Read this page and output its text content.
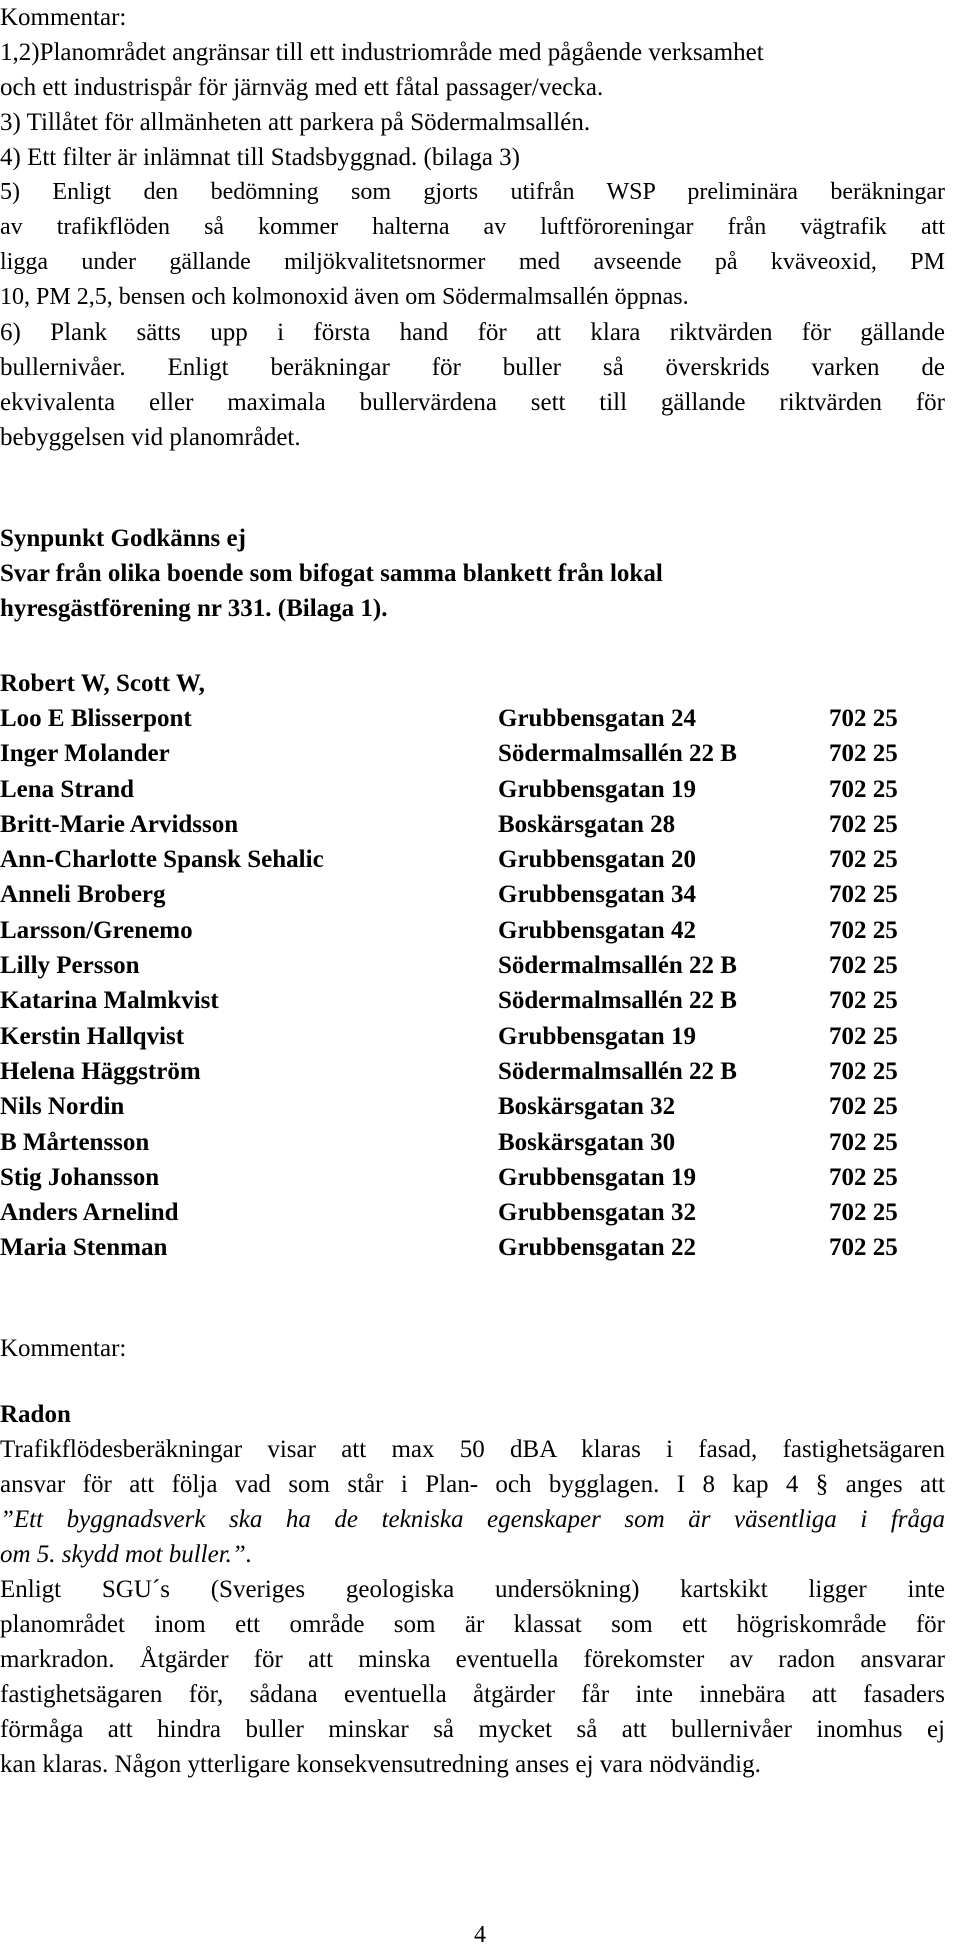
Kommentar:

1,2)Planområdet angränsar till ett industriområde med pågående verksamhet

och ett industrispår för järnväg med ett fåtal passager/vecka.

3) Tillåtet för allmänheten att parkera på Södermalmsallén.

4) Ett filter är inlämnat till Stadsbyggnad. (bilaga 3)

5) Enligt den bedömning som gjorts utifrån WSP preliminära beräkningar

av trafikflöden så kommer halterna av luftföroreningar från vägtrafik att

ligga under gällande miljökvalitetsnormer med avseende på kväveoxid, PM

10, PM 2,5, bensen och kolmonoxid även om Södermalmsallén öppnas.

6) Plank sätts upp i första hand för att klara riktvärden för gällande

bullernivåer. Enligt beräkningar för buller så överskrids varken de

ekvivalenta eller maximala bullervärdena sett till gällande riktvärden för

bebyggelsen vid planområdet.

Synpunkt Godkänns ej

Svar från olika boende som bifogat samma blankett från lokal

hyresgästförening nr 331. (Bilaga 1).

Robert W, Scott W,

Loo E Blisserpont	Grubbensgatan 24	702 25
Inger Molander	Södermalmsallén 22 B	702 25
Lena Strand	Grubbensgatan 19	702 25
Britt-Marie Arvidsson	Boskärsgatan 28	702 25
Ann-Charlotte Spansk Sehalic	Grubbensgatan 20	702 25
Anneli Broberg	Grubbensgatan 34	702 25
Larsson/Grenemo	Grubbensgatan 42	702 25
Lilly Persson	Södermalmsallén 22 B	702 25
Katarina Malmkvist	Södermalmsallén 22 B	702 25
Kerstin Hallqvist	Grubbensgatan 19	702 25
Helena Häggström	Södermalmsallén 22 B	702 25
Nils Nordin	Boskärsgatan 32	702 25
B Mårtensson	Boskärsgatan 30	702 25
Stig Johansson	Grubbensgatan 19	702 25
Anders Arnelind	Grubbensgatan 32	702 25
Maria Stenman	Grubbensgatan 22	702 25

Kommentar:

Radon

Trafikflödesberäkningar visar att max 50 dBA klaras i fasad, fastighetsägaren

ansvar för att följa vad som står i Plan- och bygglagen. I 8 kap 4 § anges att

”Ett byggnadsverk ska ha de tekniska egenskaper som är väsentliga i fråga

om 5. skydd mot buller.”.

Enligt SGU´s (Sveriges geologiska undersökning) kartskikt ligger inte

planområdet inom ett område som är klassat som ett högriskområde för

markradon. Åtgärder för att minska eventuella förekomster av radon ansvarar

fastighetsägaren för, sådana eventuella åtgärder får inte innebära att fasaders

förmåga att hindra buller minskar så mycket så att bullernivåer inomhus ej

kan klaras. Någon ytterligare konsekvensutredning anses ej vara nödvändig.

4
